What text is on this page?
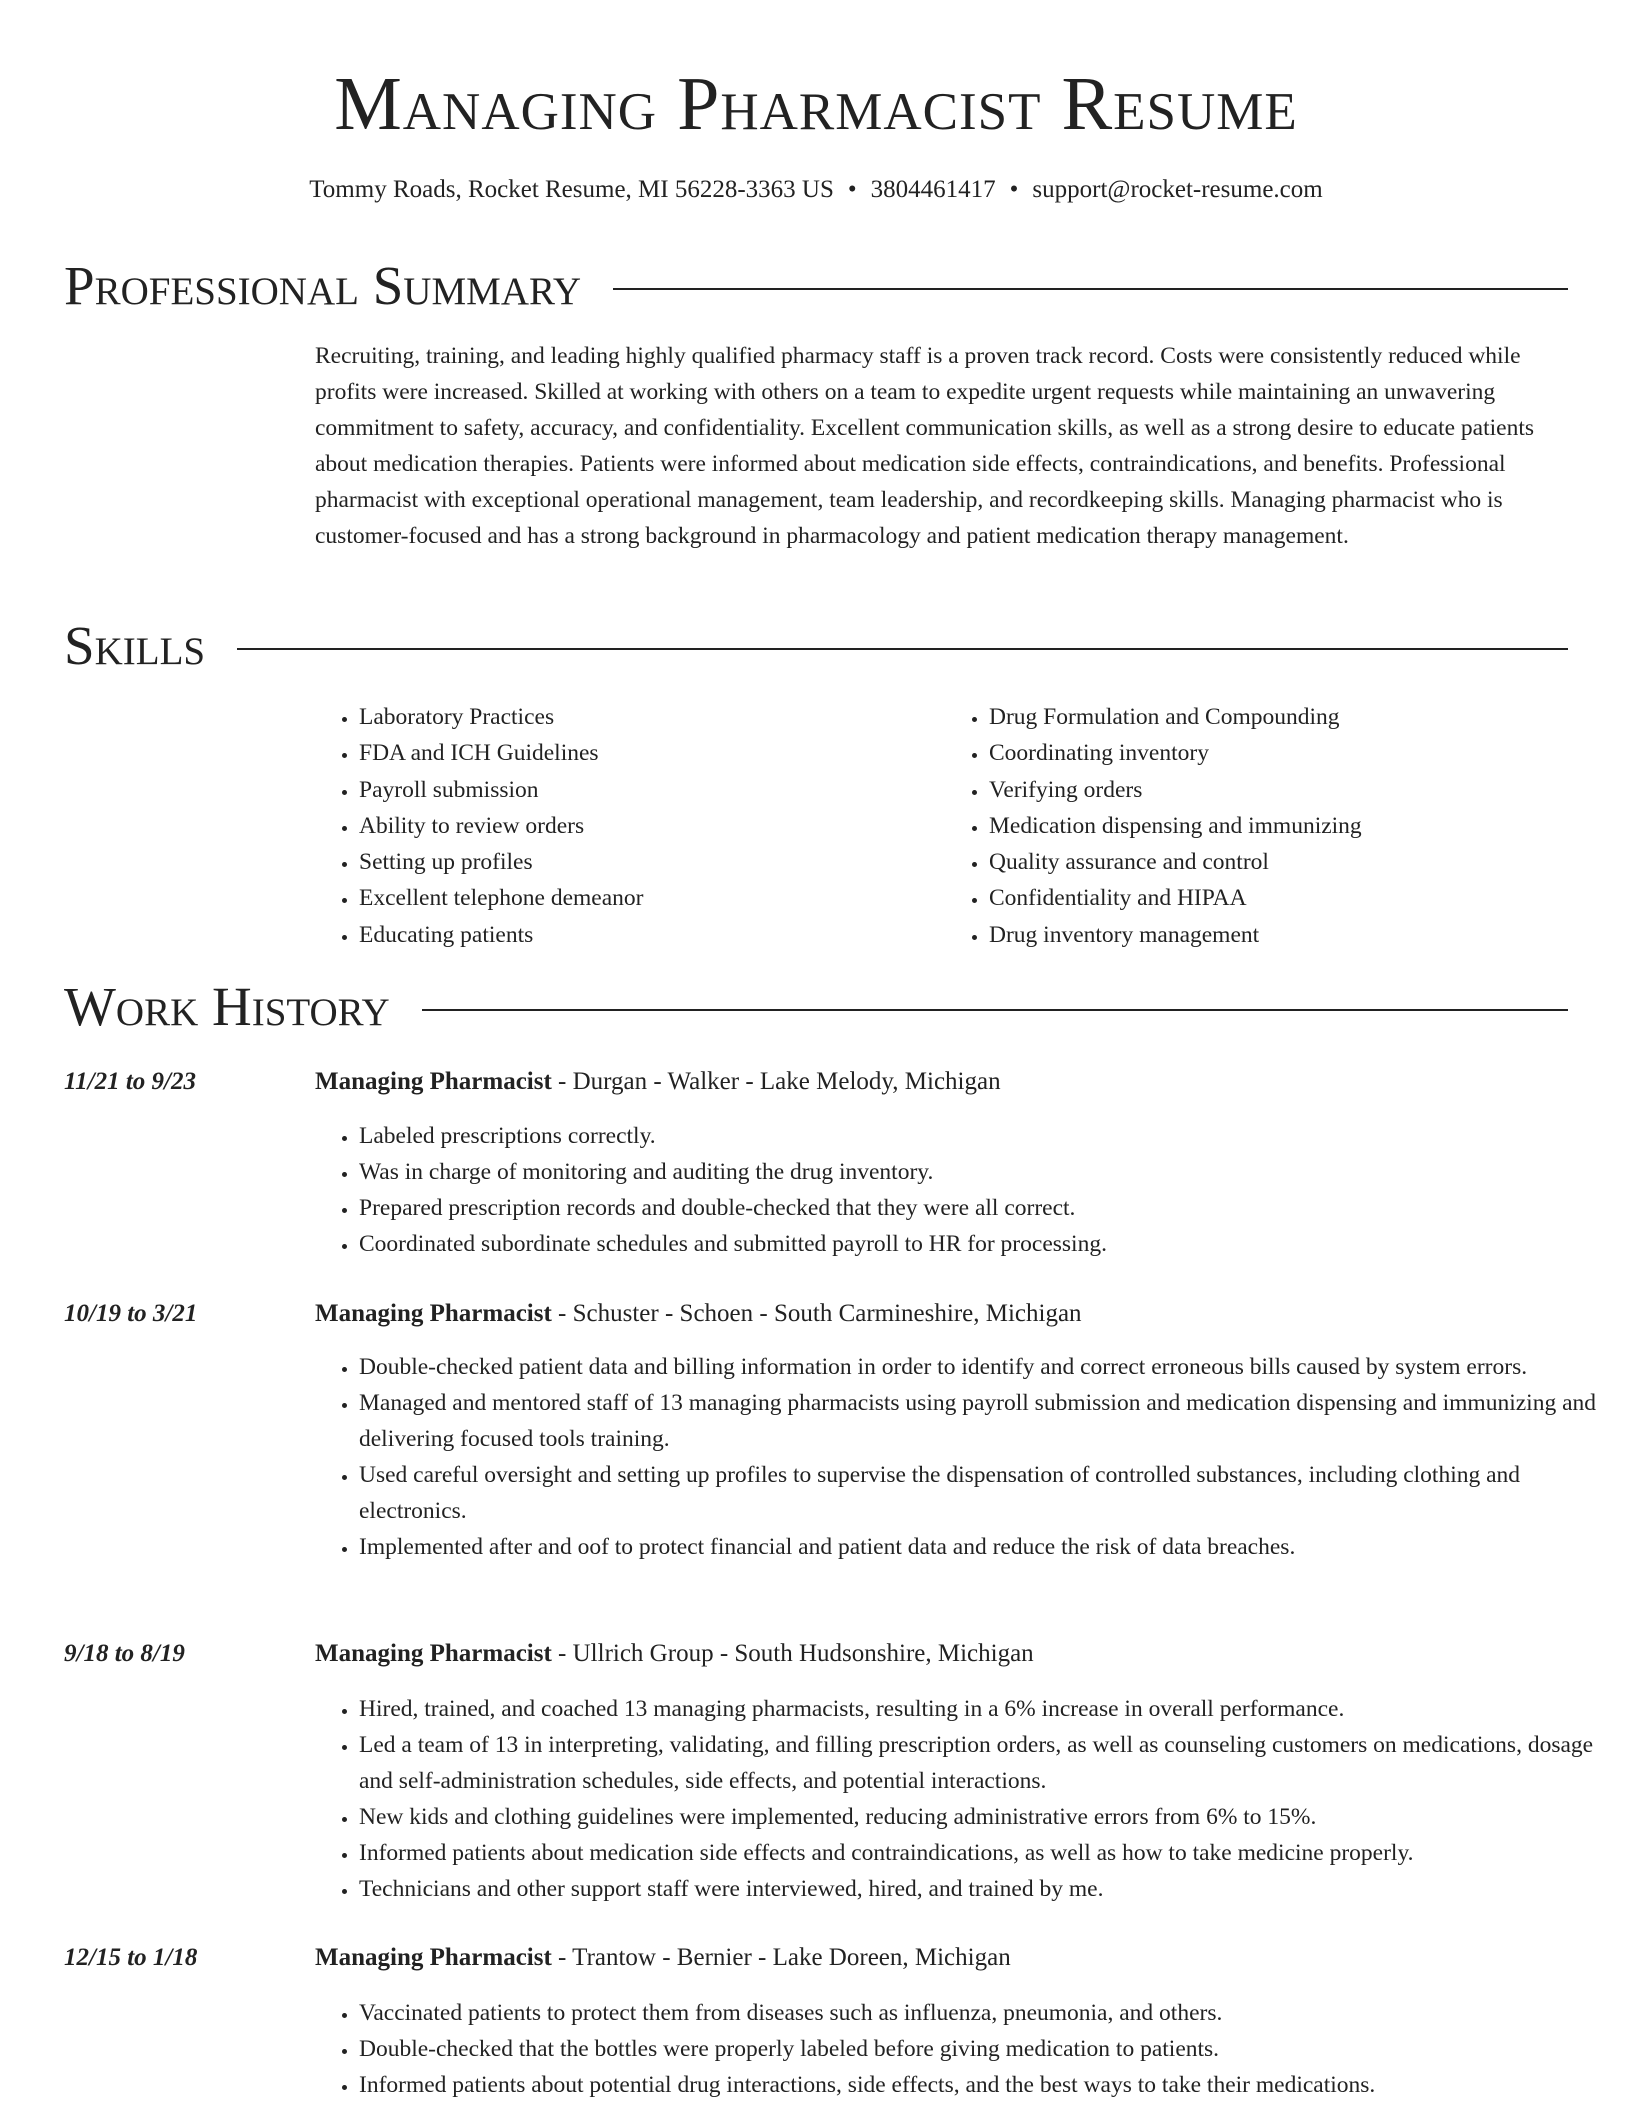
Managing Pharmacist Resume
Tommy Roads, Rocket Resume, MI 56228-3363 US • 3804461417 • support@rocket-resume.com
Professional Summary
Recruiting, training, and leading highly qualified pharmacy staff is a proven track record. Costs were consistently reduced while profits were increased. Skilled at working with others on a team to expedite urgent requests while maintaining an unwavering commitment to safety, accuracy, and confidentiality. Excellent communication skills, as well as a strong desire to educate patients about medication therapies. Patients were informed about medication side effects, contraindications, and benefits. Professional pharmacist with exceptional operational management, team leadership, and recordkeeping skills. Managing pharmacist who is customer-focused and has a strong background in pharmacology and patient medication therapy management.
Skills
• Laboratory Practices
• FDA and ICH Guidelines
• Payroll submission
• Ability to review orders
• Setting up profiles
• Excellent telephone demeanor
• Educating patients
• Drug Formulation and Compounding
• Coordinating inventory
• Verifying orders
• Medication dispensing and immunizing
• Quality assurance and control
• Confidentiality and HIPAA
• Drug inventory management
Work History
11/21 to 9/23	Managing Pharmacist - Durgan - Walker - Lake Melody, Michigan
• Labeled prescriptions correctly.
• Was in charge of monitoring and auditing the drug inventory.
• Prepared prescription records and double-checked that they were all correct.
• Coordinated subordinate schedules and submitted payroll to HR for processing.
10/19 to 3/21	Managing Pharmacist - Schuster - Schoen - South Carmineshire, Michigan
• Double-checked patient data and billing information in order to identify and correct erroneous bills caused by system errors.
• Managed and mentored staff of 13 managing pharmacists using payroll submission and medication dispensing and immunizing and delivering focused tools training.
• Used careful oversight and setting up profiles to supervise the dispensation of controlled substances, including clothing and electronics.
• Implemented after and oof to protect financial and patient data and reduce the risk of data breaches.
9/18 to 8/19	Managing Pharmacist - Ullrich Group - South Hudsonshire, Michigan
• Hired, trained, and coached 13 managing pharmacists, resulting in a 6% increase in overall performance.
• Led a team of 13 in interpreting, validating, and filling prescription orders, as well as counseling customers on medications, dosage and self-administration schedules, side effects, and potential interactions.
• New kids and clothing guidelines were implemented, reducing administrative errors from 6% to 15%.
• Informed patients about medication side effects and contraindications, as well as how to take medicine properly.
• Technicians and other support staff were interviewed, hired, and trained by me.
12/15 to 1/18	Managing Pharmacist - Trantow - Bernier - Lake Doreen, Michigan
• Vaccinated patients to protect them from diseases such as influenza, pneumonia, and others.
• Double-checked that the bottles were properly labeled before giving medication to patients.
• Informed patients about potential drug interactions, side effects, and the best ways to take their medications.
